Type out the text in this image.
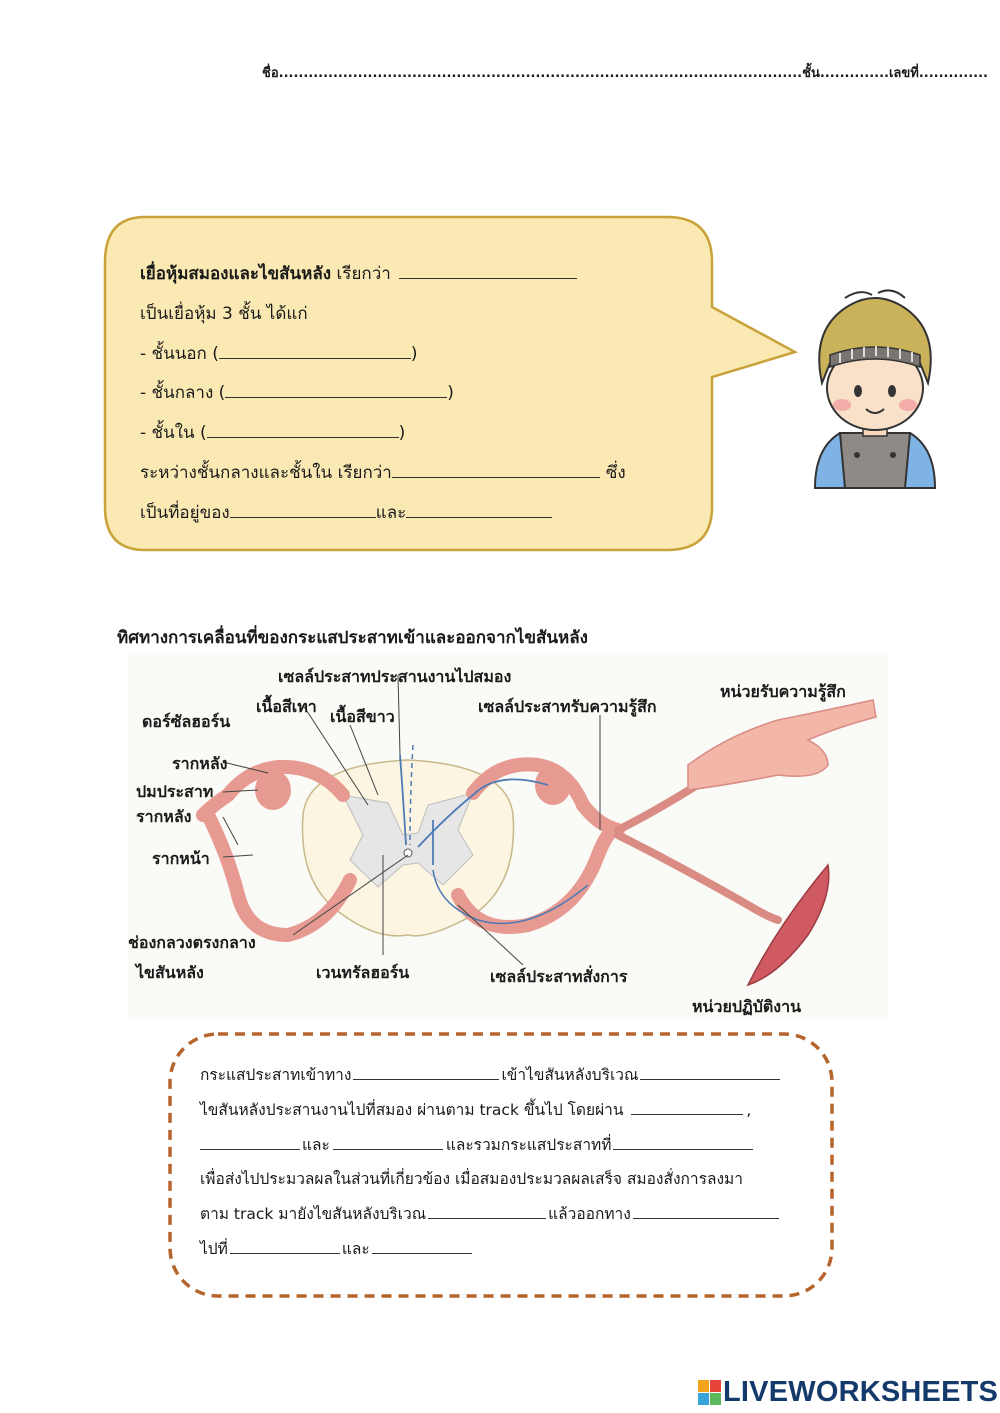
ชื่อ..........................................................................................................ชั้น..............เลขที่..............
เยื่อหุ้มสมองและไขสันหลัง เรียกว่า
เป็นเยื่อหุ้ม 3 ชั้น ได้แก่
- ชั้นนอก (	)
- ชั้นกลาง (	)
- ชั้นใน (	)
ระหว่างชั้นกลางและชั้นใน เรียกว่า	ซึ่ง
เป็นที่อยู่ของ	และ
ทิศทางการเคลื่อนที่ของกระแสประสาทเข้าและออกจากไขสันหลัง
เซลล์ประสาทประสานงานไปสมอง
เนื้อสีเทา
เนื้อสีขาว
ดอร์ซัลฮอร์น
รากหลัง
ปมประสาท
รากหลัง
รากหน้า
ช่องกลวงตรงกลาง
ไขสันหลัง	เวนทรัลฮอร์น
เซลล์ประสาทรับความรู้สึก
หน่วยรับความรู้สึก
เซลล์ประสาทสั่งการ
หน่วยปฏิบัติงาน
กระแสประสาทเข้าทาง	เข้าไขสันหลังบริเวณ
ไขสันหลังประสานงานไปที่สมอง ผ่านตาม track ขึ้นไป โดยผ่าน	,
และ	และรวมกระแสประสาทที่
เพื่อส่งไปประมวลผลในส่วนที่เกี่ยวข้อง เมื่อสมองประมวลผลเสร็จ สมองสั่งการลงมา
ตาม track มายังไขสันหลังบริเวณ	แล้วออกทาง
ไปที่	และ
LIVEWORKSHEETS
